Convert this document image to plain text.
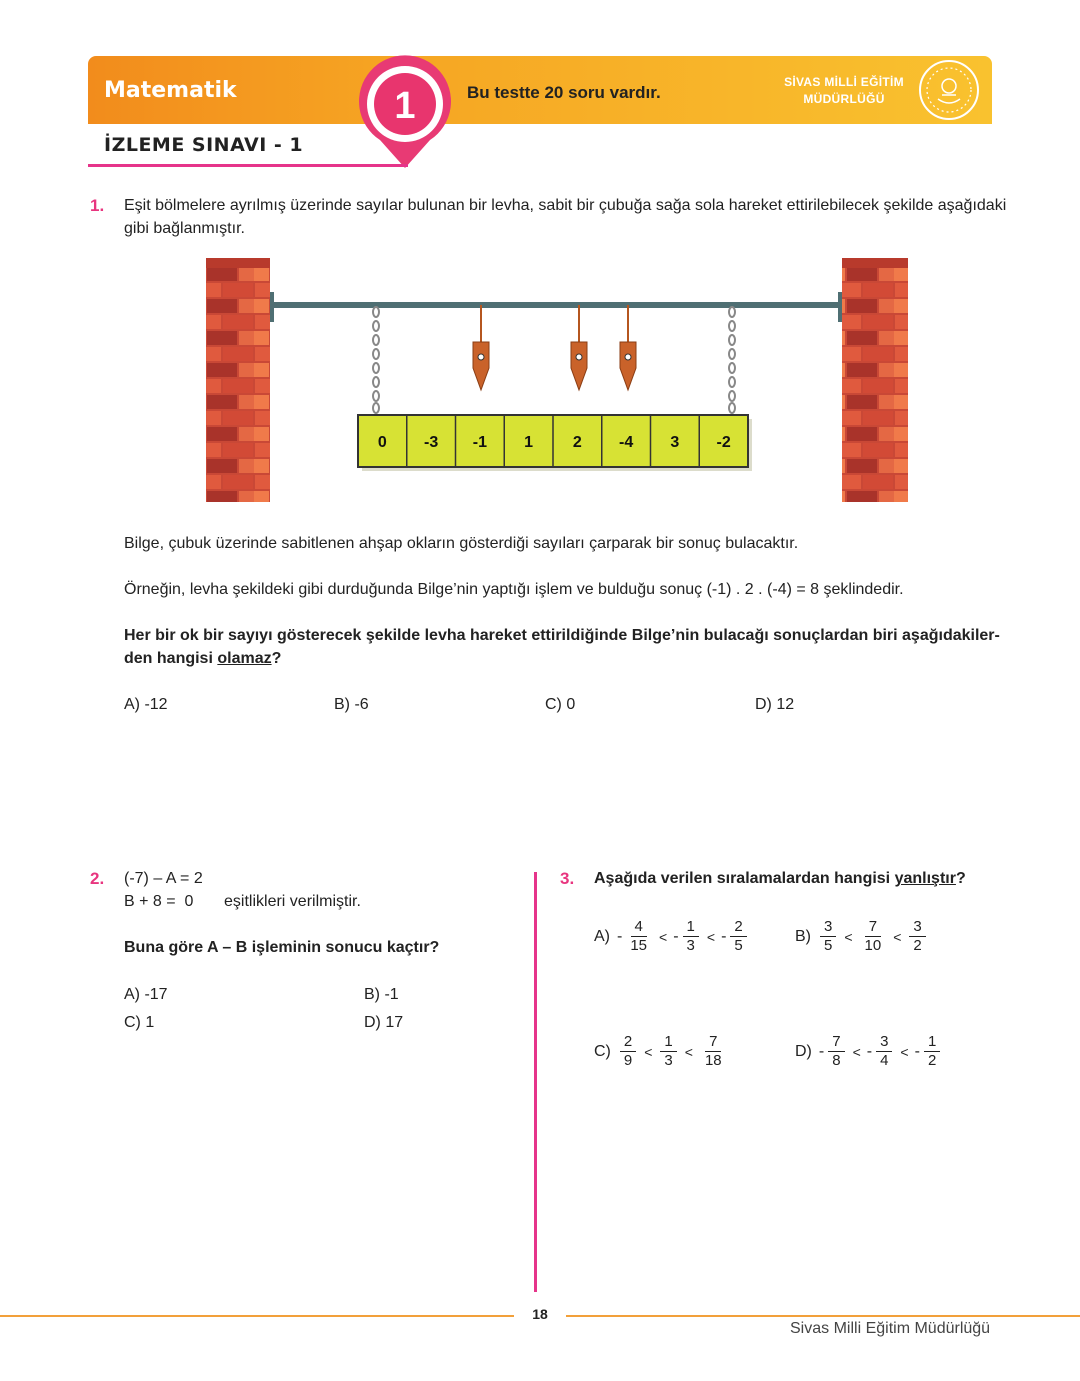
Matematik	Bu testte 20 soru vardır.
SİVAS MİLLİ EĞİTİM
MÜDÜRLÜĞÜ
1
İZLEME SINAVI - 1
1. Eşit bölmelere ayrılmış üzerinde sayılar bulunan bir levha, sabit bir çubuğa sağa sola hareket ettirilebilecek şekilde aşağıdaki
gibi bağlanmıştır.
0 -3 -1 1 2 -4 3 -2
Bilge, çubuk üzerinde sabitlenen ahşap okların gösterdiği sayıları çarparak bir sonuç bulacaktır.
Örneğin, levha şekildeki gibi durduğunda Bilge’nin yaptığı işlem ve bulduğu sonuç (-1) . 2 . (-4) = 8 şeklindedir.
Her bir ok bir sayıyı gösterecek şekilde levha hareket ettirildiğinde Bilge’nin bulacağı sonuçlardan biri aşağıdakiler-
den hangisi olamaz?
A) -12	B) -6	C) 0	D) 12
2. (-7) – A = 2
B + 8 =  0 eşitlikleri verilmiştir.
Buna göre A – B işleminin sonucu kaçtır?
A) -17	B) -1
C) 1	D) 17
3. Aşağıda verilen sıralamalardan hangisi yanlıştır?
$A) - \frac{4}{15}$ < - $\frac{1}{3}$ < - $\frac{2}{5}$	$B) \frac{3}{5} < \frac{7}{10} < \frac{3}{2}$
$C) \frac{2}{9} < \frac{1}{3} < \frac{7}{18}$	$D) - \frac{7}{8}$ < - $\frac{3}{4}$ < - $\frac{1}{2}$
18
Sivas Milli Eğitim Müdürlüğü
